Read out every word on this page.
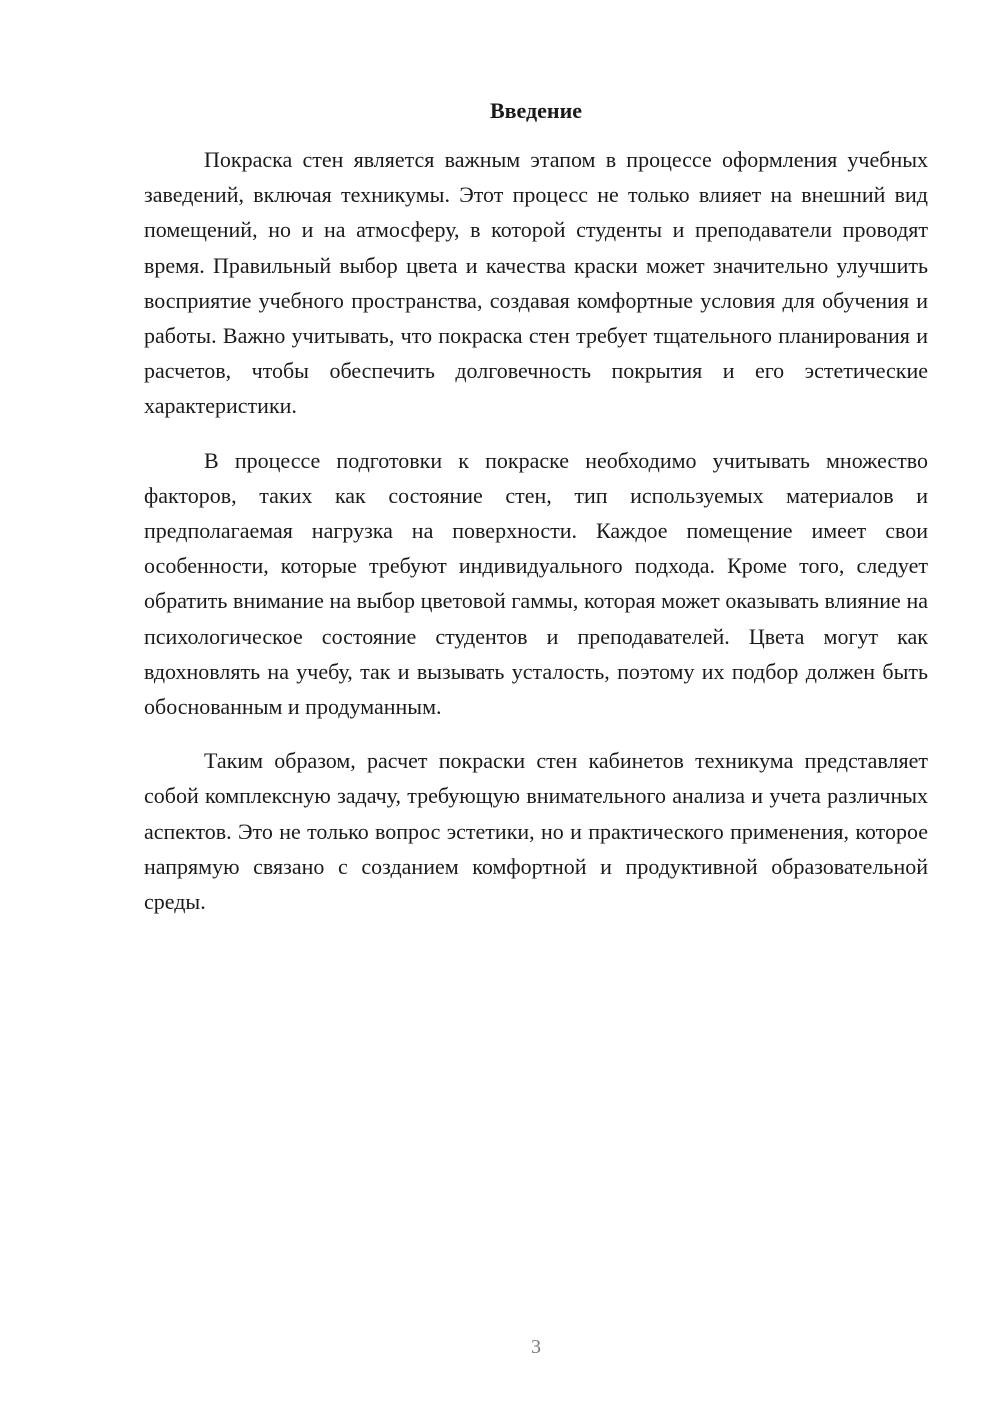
Введение

Покраска стен является важным этапом в процессе оформления учебных заведений, включая техникумы. Этот процесс не только влияет на внешний вид помещений, но и на атмосферу, в которой студенты и преподаватели проводят время. Правильный выбор цвета и качества краски может значительно улучшить восприятие учебного пространства, создавая комфортные условия для обучения и работы. Важно учитывать, что покраска стен требует тщательного планирования и расчетов, чтобы обеспечить долговечность покрытия и его эстетические характеристики.

В процессе подготовки к покраске необходимо учитывать множество факторов, таких как состояние стен, тип используемых материалов и предполагаемая нагрузка на поверхности. Каждое помещение имеет свои особенности, которые требуют индивидуального подхода. Кроме того, следует обратить внимание на выбор цветовой гаммы, которая может оказывать влияние на психологическое состояние студентов и преподавателей. Цвета могут как вдохновлять на учебу, так и вызывать усталость, поэтому их подбор должен быть обоснованным и продуманным.

Таким образом, расчет покраски стен кабинетов техникума представляет собой комплексную задачу, требующую внимательного анализа и учета различных аспектов. Это не только вопрос эстетики, но и практического применения, которое напрямую связано с созданием комфортной и продуктивной образовательной среды.

3
